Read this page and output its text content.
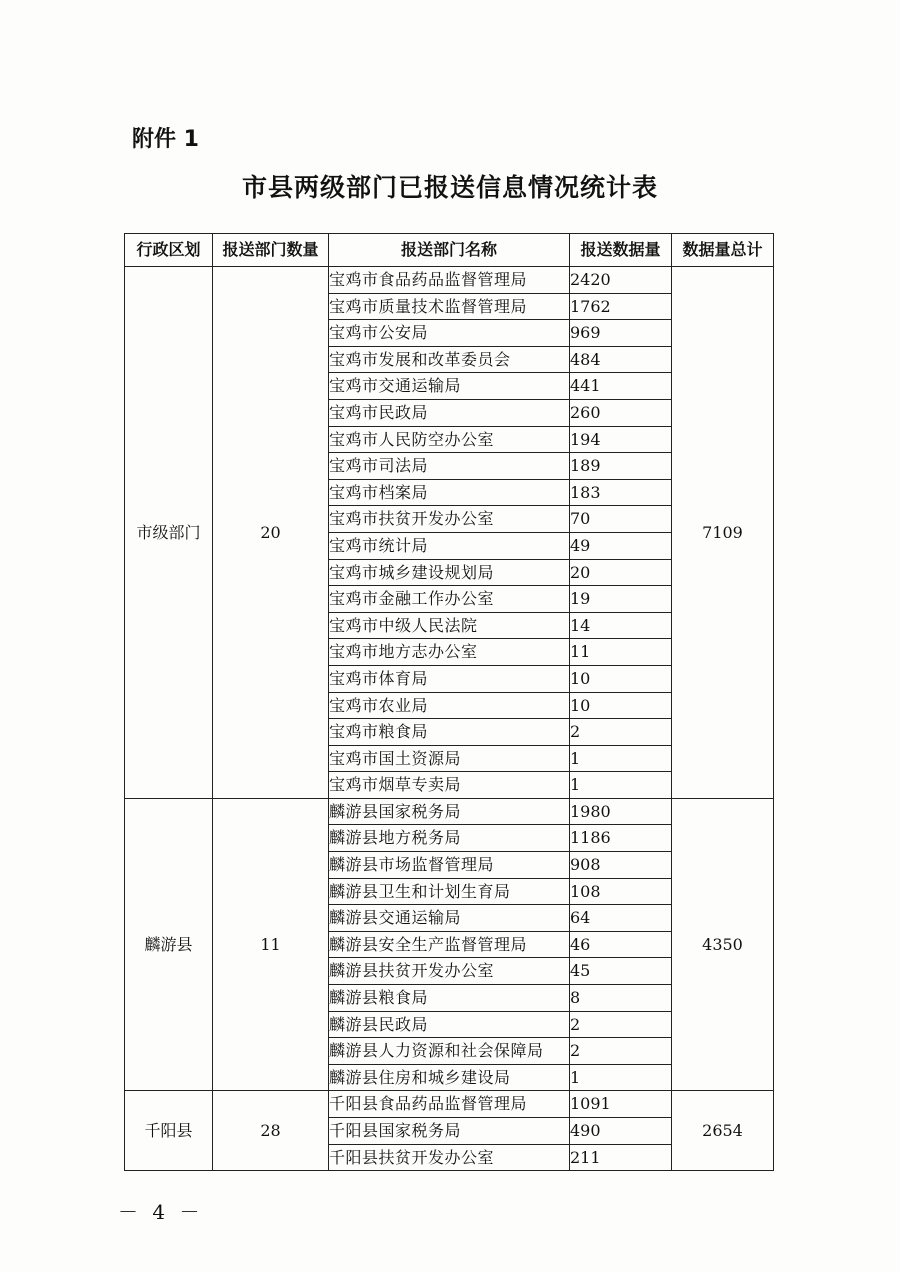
附件 1
市县两级部门已报送信息情况统计表
行政区划	报送部门数量	报送部门名称	报送数据量	数据量总计
市级部门	20	宝鸡市食品药品监督管理局	2420	7109
		宝鸡市质量技术监督管理局	1762	
		宝鸡市公安局	969	
		宝鸡市发展和改革委员会	484	
		宝鸡市交通运输局	441	
		宝鸡市民政局	260	
		宝鸡市人民防空办公室	194	
		宝鸡市司法局	189	
		宝鸡市档案局	183	
		宝鸡市扶贫开发办公室	70	
		宝鸡市统计局	49	
		宝鸡市城乡建设规划局	20	
		宝鸡市金融工作办公室	19	
		宝鸡市中级人民法院	14	
		宝鸡市地方志办公室	11	
		宝鸡市体育局	10	
		宝鸡市农业局	10	
		宝鸡市粮食局	2	
		宝鸡市国土资源局	1	
		宝鸡市烟草专卖局	1	
麟游县	11	麟游县国家税务局	1980	4350
		麟游县地方税务局	1186	
		麟游县市场监督管理局	908	
		麟游县卫生和计划生育局	108	
		麟游县交通运输局	64	
		麟游县安全生产监督管理局	46	
		麟游县扶贫开发办公室	45	
		麟游县粮食局	8	
		麟游县民政局	2	
		麟游县人力资源和社会保障局	2	
		麟游县住房和城乡建设局	1	
千阳县	28	千阳县食品药品监督管理局	1091	2654
		千阳县国家税务局	490	
		千阳县扶贫开发办公室	211	
－ 4 －
